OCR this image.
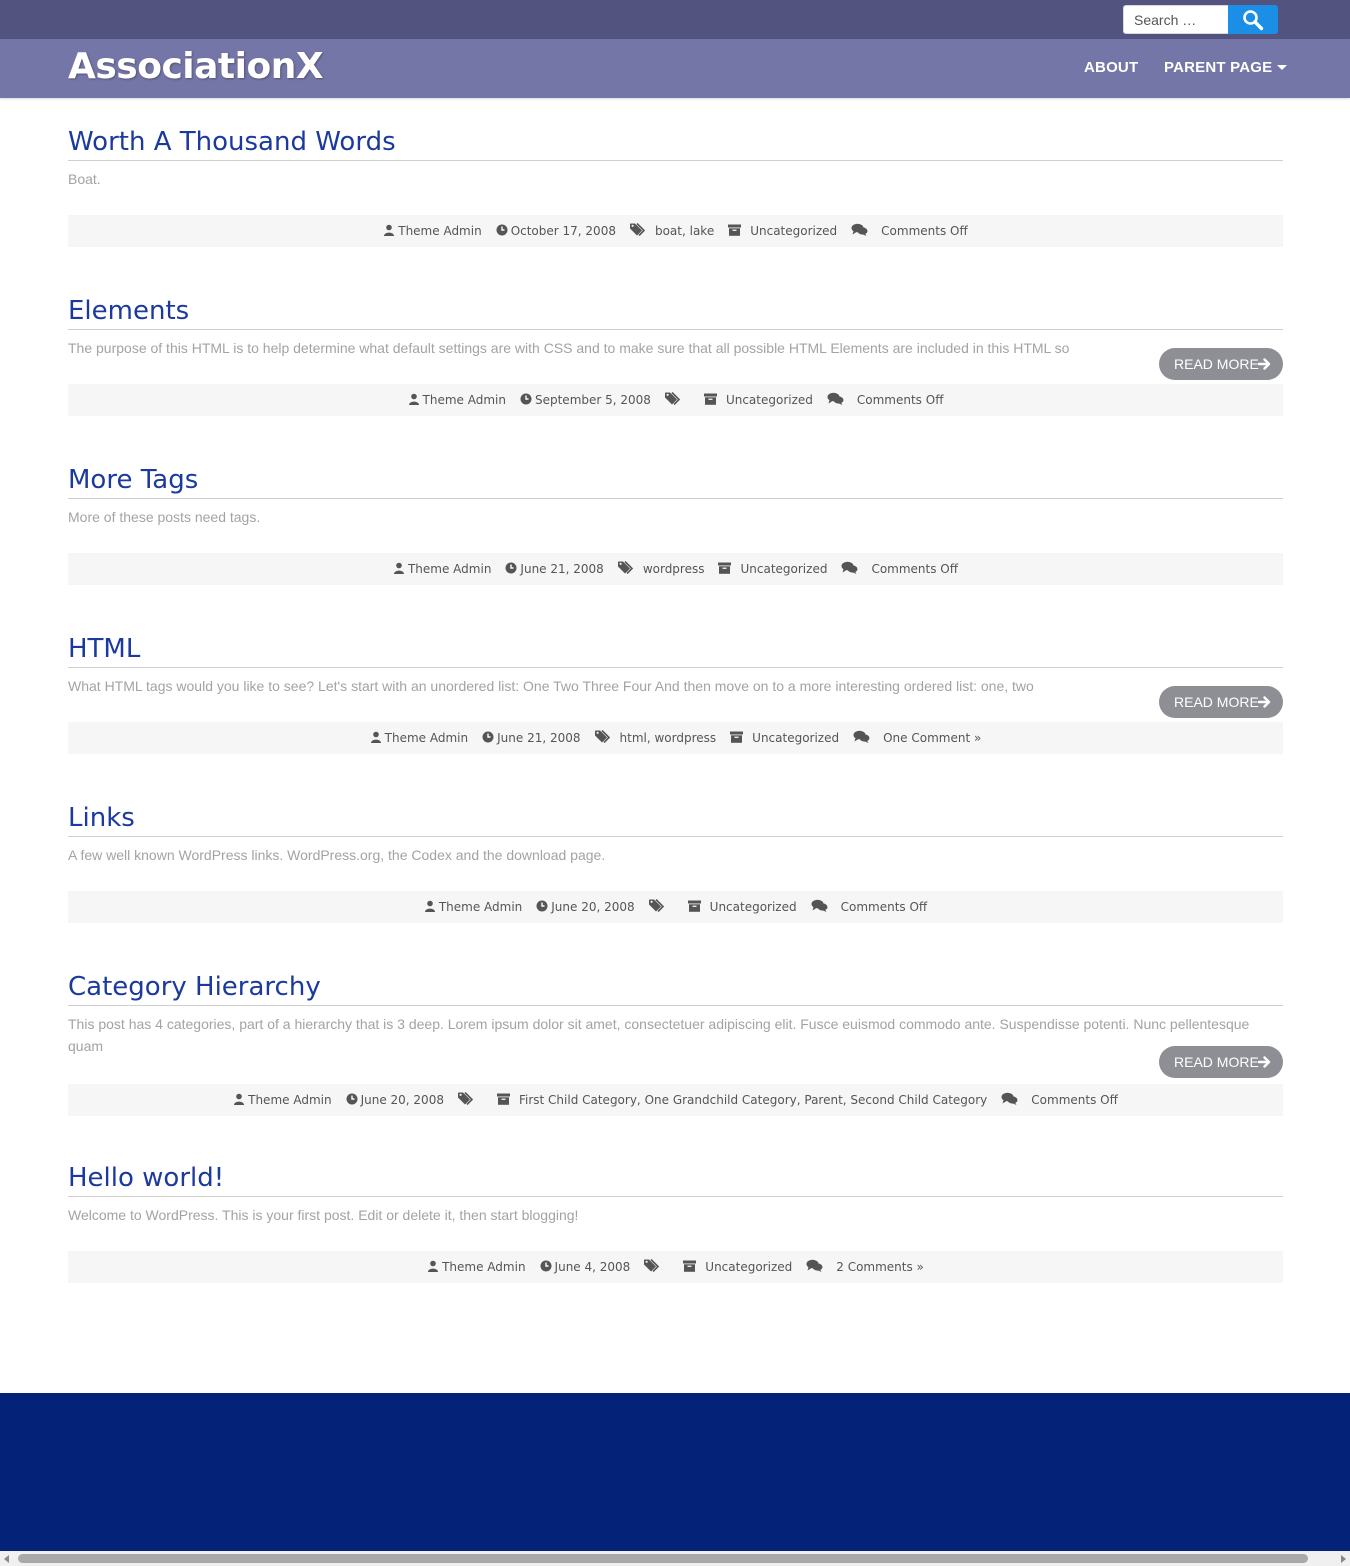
Search …
AssociationX	ABOUT PARENT PAGE
Worth A Thousand Words

Boat.

Theme Admin October 17, 2008	boat, lake	Uncategorized	Comments Off
Elements

The purpose of this HTML is to help determine what default settings are with CSS and to make sure that all possible HTML Elements are included in this HTML so

READ MORE
Theme Admin September 5, 2008	Uncategorized	Comments Off
More Tags

More of these posts need tags.

Theme Admin June 21, 2008	wordpress	Uncategorized	Comments Off
HTML

What HTML tags would you like to see? Let's start with an unordered list: One Two Three Four And then move on to a more interesting ordered list: one, two

READ MORE
Theme Admin June 21, 2008	html, wordpress	Uncategorized	One Comment »
Links

A few well known WordPress links. WordPress.org, the Codex and the download page.

Theme Admin June 20, 2008	Uncategorized	Comments Off
Category Hierarchy

This post has 4 categories, part of a hierarchy that is 3 deep. Lorem ipsum dolor sit amet, consectetuer adipiscing elit. Fusce euismod commodo ante. Suspendisse potenti. Nunc pellentesque quam

READ MORE
Theme Admin June 20, 2008	First Child Category, One Grandchild Category, Parent, Second Child Category	Comments Off
Hello world!

Welcome to WordPress. This is your first post. Edit or delete it, then start blogging!

Theme Admin June 4, 2008	Uncategorized	2 Comments »
